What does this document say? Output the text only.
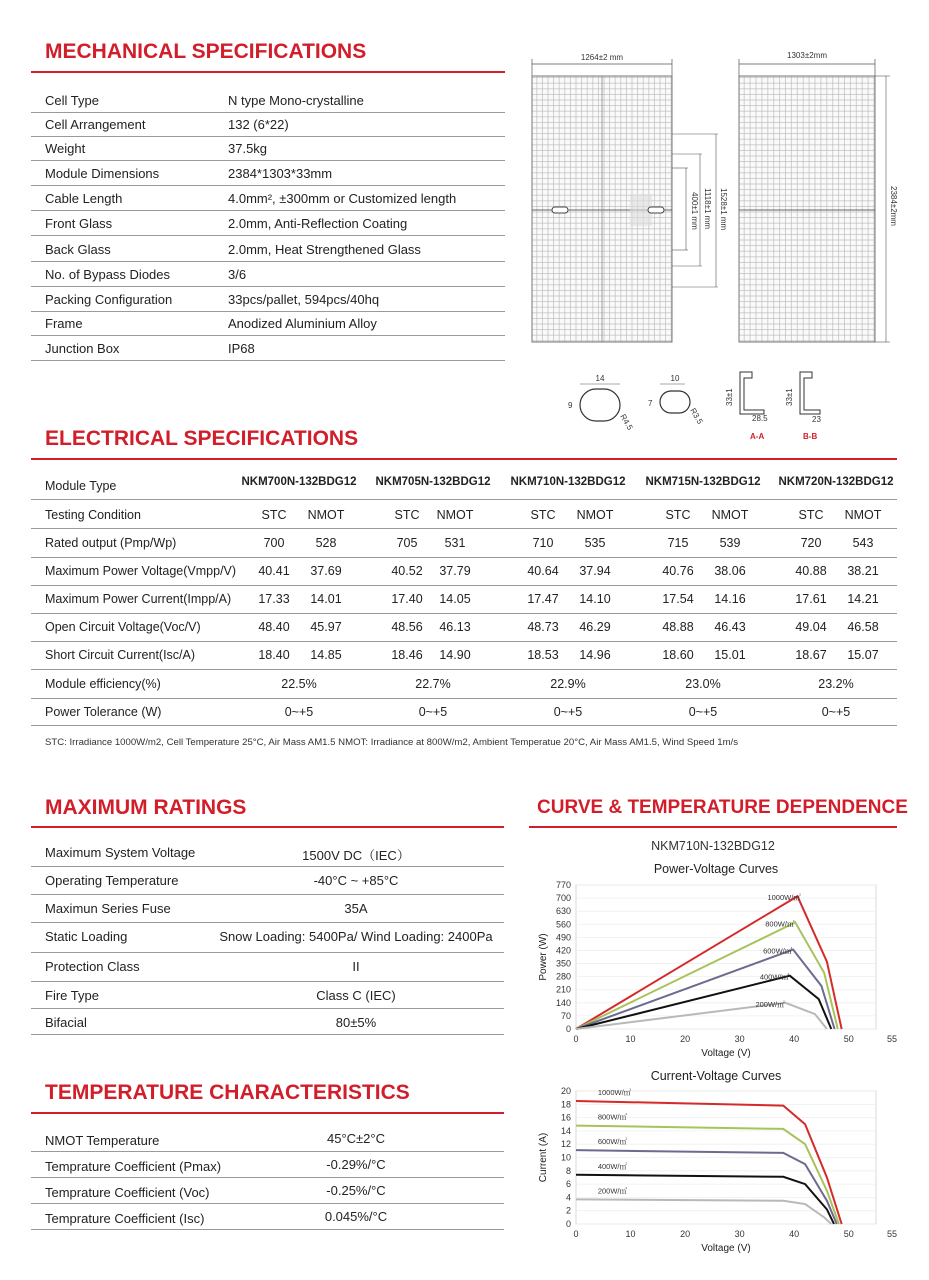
MECHANICAL SPECIFICATIONS
Cell Type	N type Mono-crystalline
Cell Arrangement	132 (6*22)
Weight	37.5kg
Module Dimensions	2384*1303*33mm
Cable Length	4.0mm², ±300mm or Customized length
Front Glass	2.0mm, Anti-Reflection Coating
Back Glass	2.0mm, Heat Strengthened Glass
No. of Bypass Diodes	3/6
Packing Configuration	33pcs/pallet, 594pcs/40hq
Frame	Anodized Aluminium Alloy
Junction Box	IP68
1264±2 mm
400±1 mm 1118±1 mm 1528±1 mm
1303±2mm
2384±2mm
14
9
R4.5
10
7
R3.5
33±1
28.5
A-A
33±1
23
B-B
ELECTRICAL SPECIFICATIONS
Module Type	NKM700N-132BDG12	NKM705N-132BDG12	NKM710N-132BDG12	NKM715N-132BDG12	NKM720N-132BDG12
Testing Condition	STC	NMOT	STC	NMOT	STC	NMOT	STC	NMOT	STC	NMOT
Rated output (Pmp/Wp)	700	528	705	531	710	535	715	539	720	543
Maximum Power Voltage(Vmpp/V)	40.41	37.69	40.52	37.79	40.64	37.94	40.76	38.06	40.88	38.21
Maximum Power Current(Impp/A)	17.33	14.01	17.40	14.05	17.47	14.10	17.54	14.16	17.61	14.21
Open Circuit Voltage(Voc/V)	48.40	45.97	48.56	46.13	48.73	46.29	48.88	46.43	49.04	46.58
Short Circuit Current(Isc/A)	18.40	14.85	18.46	14.90	18.53	14.96	18.60	15.01	18.67	15.07
Module efficiency(%)	22.5%	22.7%	22.9%	23.0%	23.2%
Power Tolerance (W)	0~+5	0~+5	0~+5	0~+5	0~+5
STC: Irradiance 1000W/m2, Cell Temperature 25°C, Air Mass AM1.5 NMOT: Irradiance at 800W/m2, Ambient Temperatue 20°C, Air Mass AM1.5, Wind Speed 1m/s
MAXIMUM RATINGS
Maximum System Voltage	1500V DC（IEC）
Operating Temperature	-40°C ~ +85°C
Maximun Series Fuse	35A
Static Loading	Snow Loading: 5400Pa/ Wind Loading: 2400Pa
Protection Class	II
Fire Type	Class C (IEC)
Bifacial	80±5%
TEMPERATURE CHARACTERISTICS
NMOT Temperature	45°C±2°C
Temprature Coefficient (Pmax)	-0.29%/°C
Temprature Coefficient (Voc)	-0.25%/°C
Temprature Coefficient (Isc)	0.045%/°C
CURVE & TEMPERATURE DEPENDENCE
NKM710N-132BDG12
Power-Voltage Curves
0
70
140
210
280
350
420
490
560
630
700
770
0	10	20	30	40	50	55
Voltage (V)
Power (W)
1000W/㎡
800W/㎡
600W/㎡
400W/㎡
200W/㎡
Current-Voltage Curves
0
2
4
6
8
10
12
14
16
18
20
0	10	20	30	40	50	55
Voltage (V)
Current (A)
1000W/㎡
800W/㎡
600W/㎡
400W/㎡
200W/㎡
